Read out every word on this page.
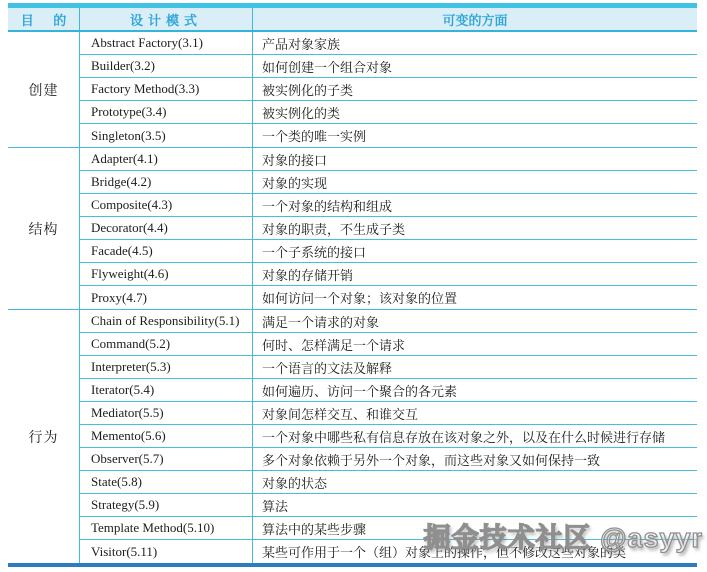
目 的	设计模式	可变的方面
创建
Abstract Factory(3.1)	产品对象家族
Builder(3.2)	如何创建一个组合对象
Factory Method(3.3)	被实例化的子类
Prototype(3.4)	被实例化的类
Singleton(3.5)	一个类的唯一实例
结构
Adapter(4.1)	对象的接口
Bridge(4.2)	对象的实现
Composite(4.3)	一个对象的结构和组成
Decorator(4.4)	对象的职责，不生成子类
Facade(4.5)	一个子系统的接口
Flyweight(4.6)	对象的存储开销
Proxy(4.7)	如何访问一个对象；该对象的位置
行为
Chain of Responsibility(5.1)	满足一个请求的对象
Command(5.2)	何时、怎样满足一个请求
Interpreter(5.3)	一个语言的文法及解释
Iterator(5.4)	如何遍历、访问一个聚合的各元素
Mediator(5.5)	对象间怎样交互、和谁交互
Memento(5.6)	一个对象中哪些私有信息存放在该对象之外，以及在什么时候进行存储
Observer(5.7)	多个对象依赖于另外一个对象，而这些对象又如何保持一致
State(5.8)	对象的状态
Strategy(5.9)	算法
Template Method(5.10)	算法中的某些步骤
Visitor(5.11)	某些可作用于一个（组）对象上的操作，但不修改这些对象的类
掘金技术社区 @asyyr
